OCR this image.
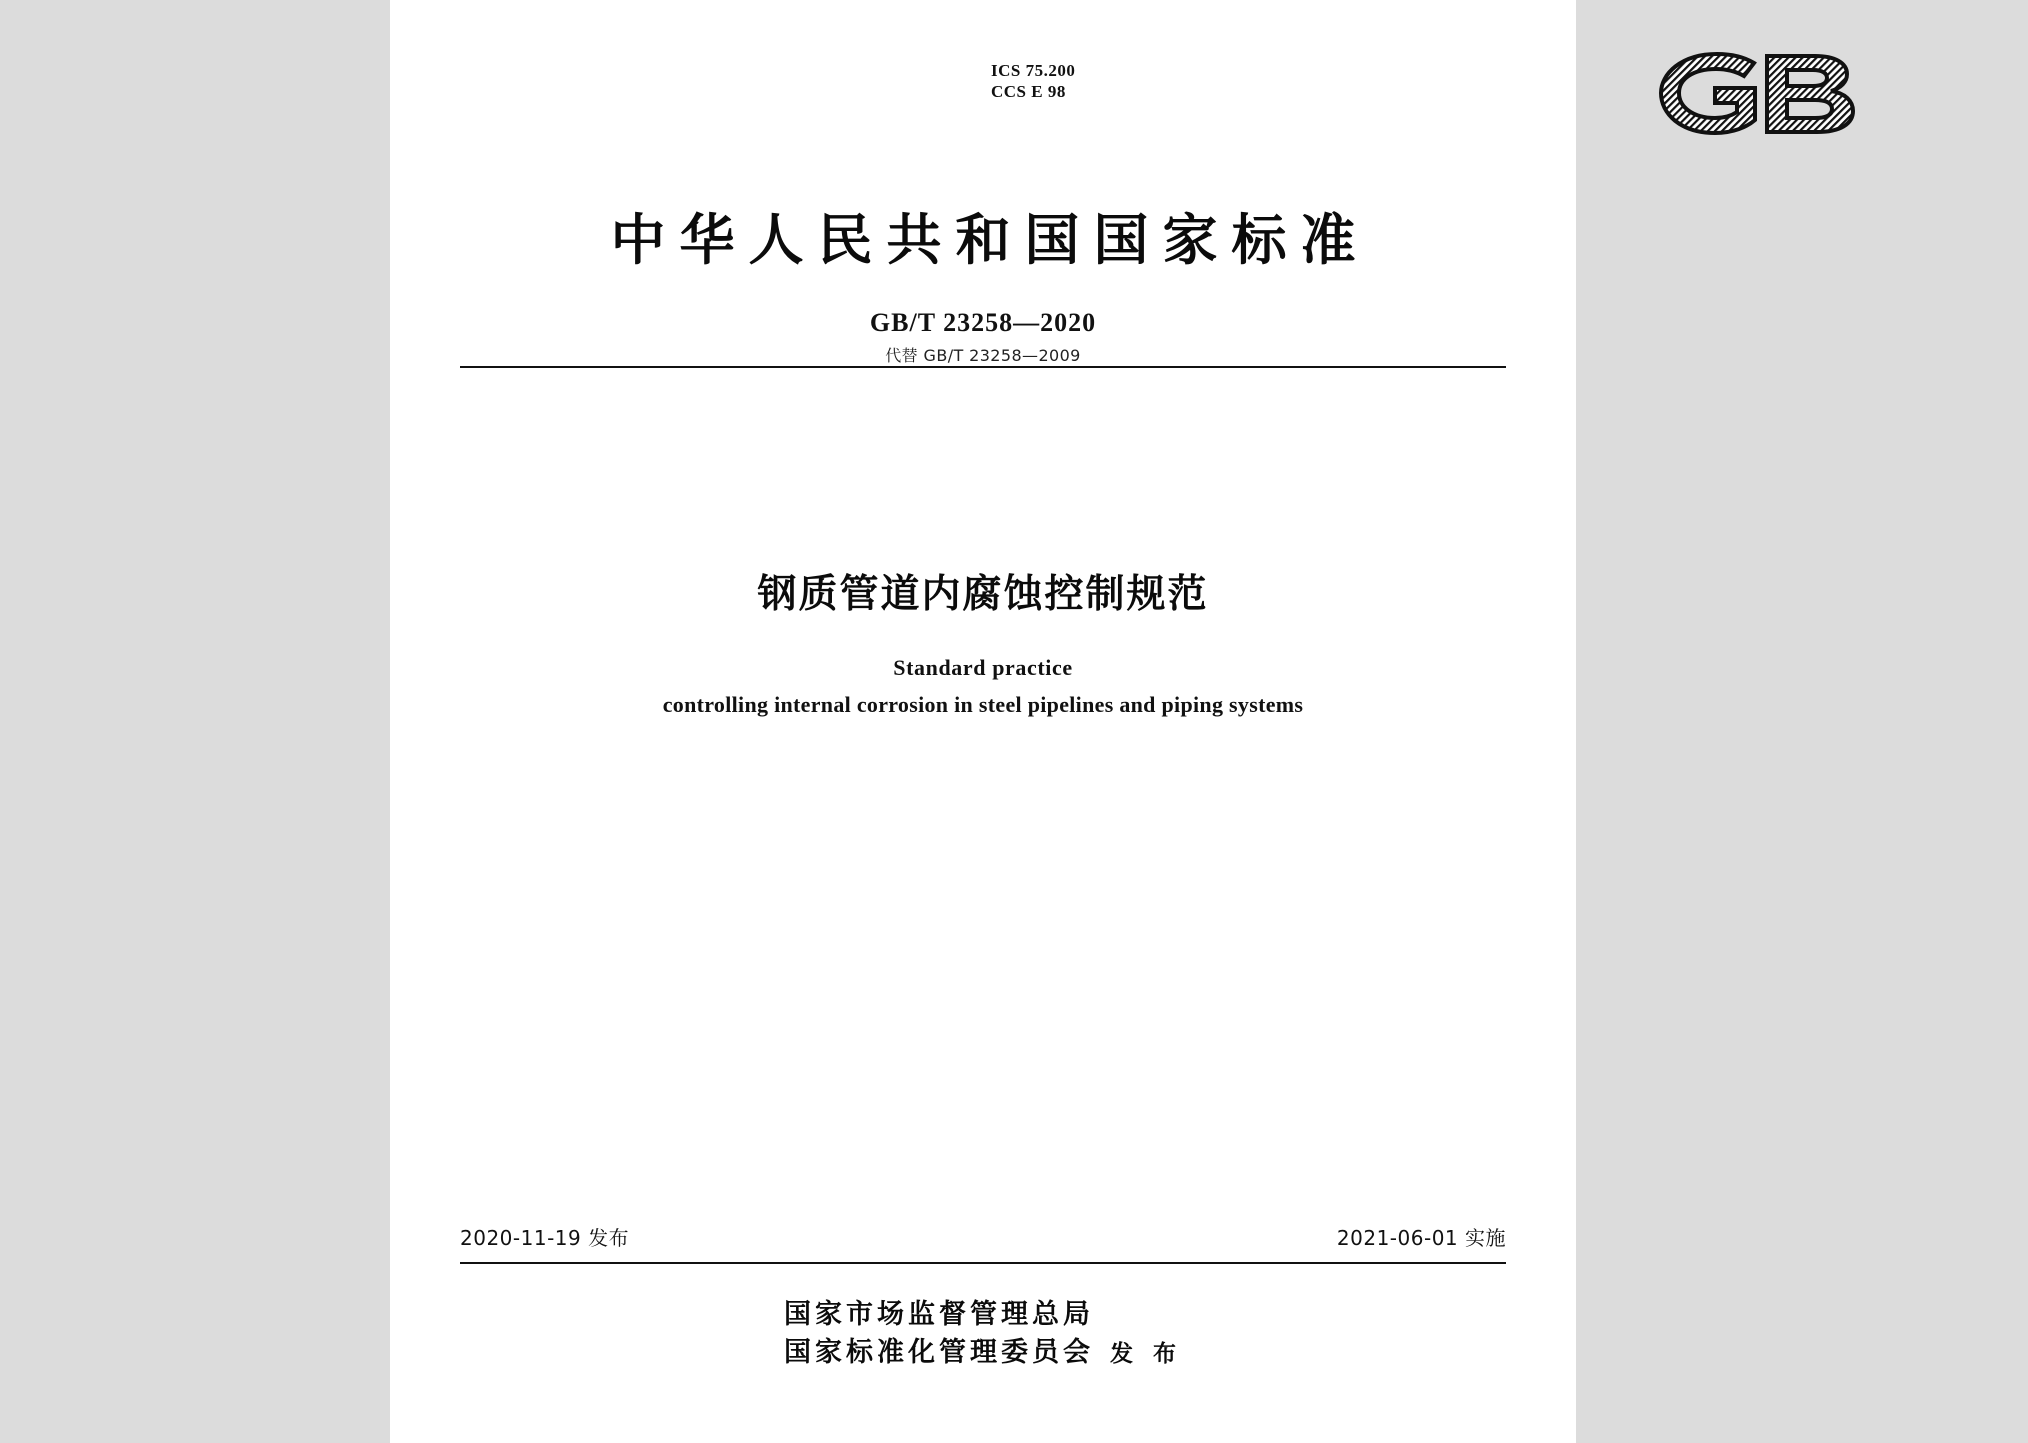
ICS 75.200
CCS E 98
中华人民共和国国家标准
GB/T 23258—2020
代替 GB/T 23258—2009
钢质管道内腐蚀控制规范
Standard practice
controlling internal corrosion in steel pipelines and piping systems
2020-11-19 发布	2021-06-01 实施
国家市场监督管理总局
国家标准化管理委员会 发 布
